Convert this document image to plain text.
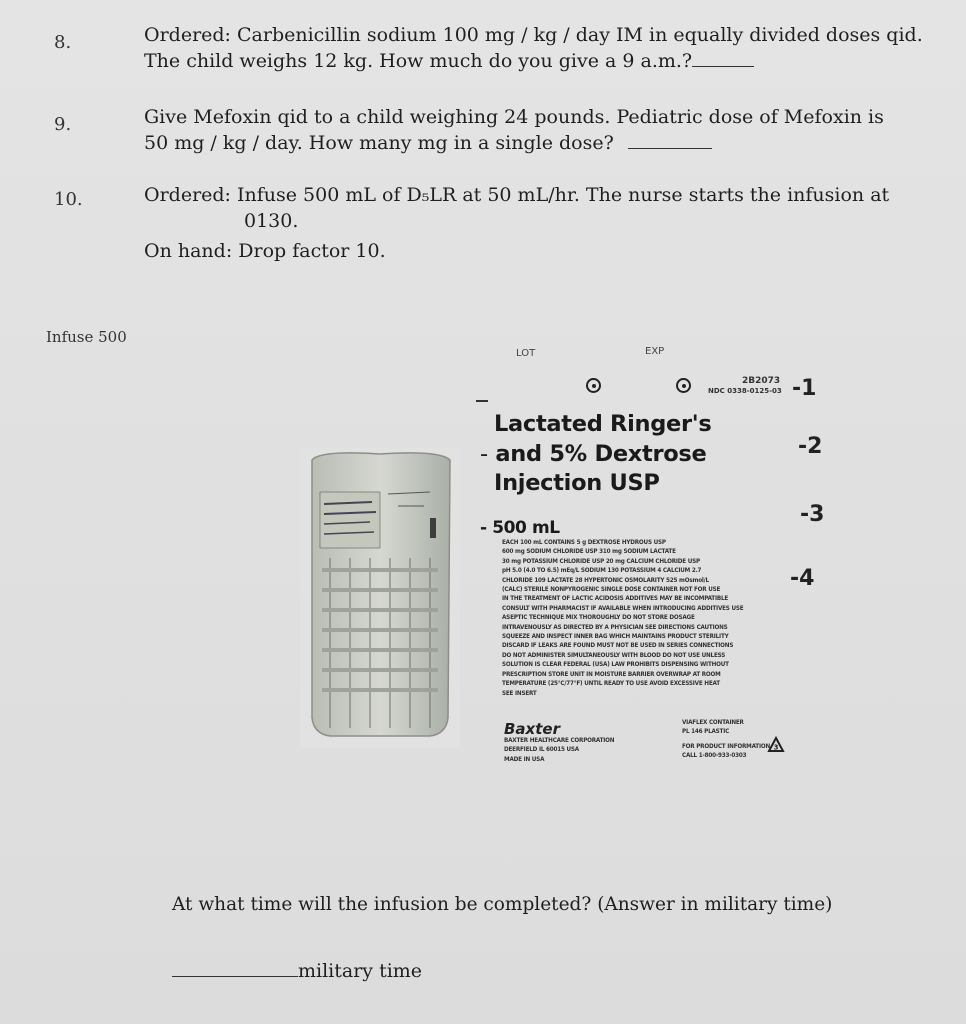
8.	Ordered: Carbenicillin sodium 100 mg / kg / day IM in equally divided doses qid.
The child weighs 12 kg. How much do you give a 9 a.m.?
9.	Give Mefoxin qid to a child weighing 24 pounds. Pediatric dose of Mefoxin is
50 mg / kg / day. How many mg in a single dose?
10.	Ordered: Infuse 500 mL of D₅LR at 50 mL/hr. The nurse starts the infusion at
0130.
On hand: Drop factor 10.
Infuse 500
LOT	EXP
2B2073
NDC 0338-0125-03
Lactated Ringer's
- and 5% Dextrose
Injection USP
- 500 mL
EACH 100 mL CONTAINS 5 g DEXTROSE HYDROUS USP
600 mg SODIUM CHLORIDE USP 310 mg SODIUM LACTATE
30 mg POTASSIUM CHLORIDE USP 20 mg CALCIUM CHLORIDE USP
pH 5.0 (4.0 TO 6.5) mEq/L SODIUM 130 POTASSIUM 4 CALCIUM 2.7
CHLORIDE 109 LACTATE 28 HYPERTONIC OSMOLARITY 525 mOsmol/L
(CALC) STERILE NONPYROGENIC SINGLE DOSE CONTAINER NOT FOR USE
IN THE TREATMENT OF LACTIC ACIDOSIS ADDITIVES MAY BE INCOMPATIBLE
CONSULT WITH PHARMACIST IF AVAILABLE WHEN INTRODUCING ADDITIVES USE
ASEPTIC TECHNIQUE MIX THOROUGHLY DO NOT STORE DOSAGE
INTRAVENOUSLY AS DIRECTED BY A PHYSICIAN SEE DIRECTIONS CAUTIONS
SQUEEZE AND INSPECT INNER BAG WHICH MAINTAINS PRODUCT STERILITY
DISCARD IF LEAKS ARE FOUND MUST NOT BE USED IN SERIES CONNECTIONS
DO NOT ADMINISTER SIMULTANEOUSLY WITH BLOOD DO NOT USE UNLESS
SOLUTION IS CLEAR FEDERAL (USA) LAW PROHIBITS DISPENSING WITHOUT
PRESCRIPTION STORE UNIT IN MOISTURE BARRIER OVERWRAP AT ROOM
TEMPERATURE (25°C/77°F) UNTIL READY TO USE AVOID EXCESSIVE HEAT
SEE INSERT
Baxter
BAXTER HEALTHCARE CORPORATION
DEERFIELD IL 60015 USA
MADE IN USA
VIAFLEX CONTAINER
PL 146 PLASTIC
FOR PRODUCT INFORMATION
CALL 1-800-933-0303
3
-1
-2
-3
-4
At what time will the infusion be completed? (Answer in military time)
military time
